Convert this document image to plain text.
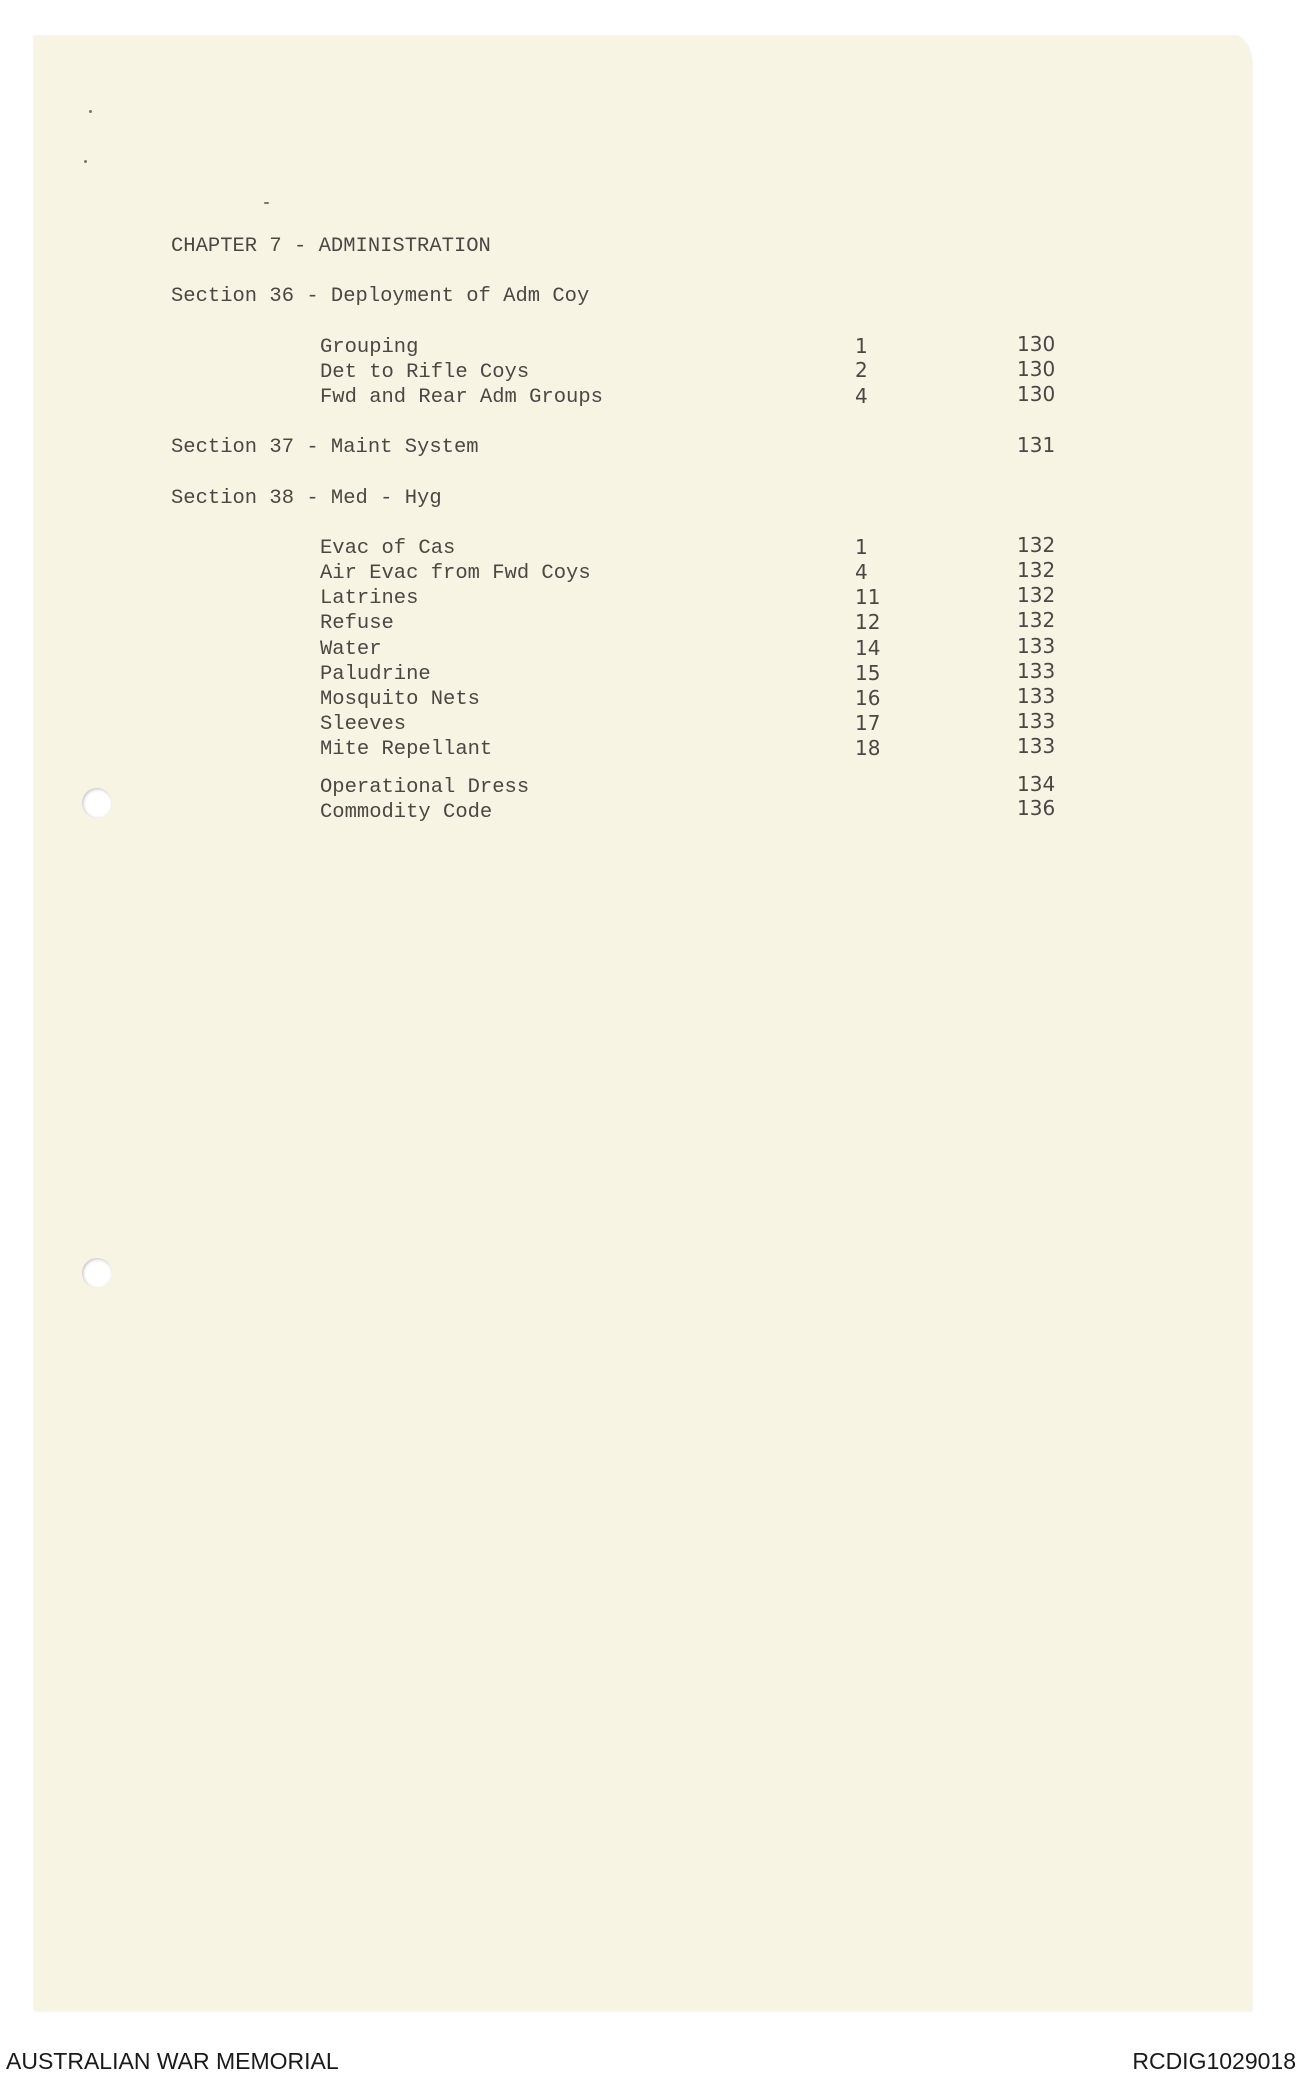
CHAPTER 7 - ADMINISTRATION
Section 36 - Deployment of Adm Coy
Grouping	1	130
Det to Rifle Coys	2	130
Fwd and Rear Adm Groups	4	130
Section 37 - Maint System	131
Section 38 - Med - Hyg
Evac of Cas	1	132
Air Evac from Fwd Coys	4	132
Latrines	11	132
Refuse	12	132
Water	14	133
Paludrine	15	133
Mosquito Nets	16	133
Sleeves	17	133
Mite Repellant	18	133
Operational Dress	134
Commodity Code	136
AUSTRALIAN WAR MEMORIAL	RCDIG1029018
